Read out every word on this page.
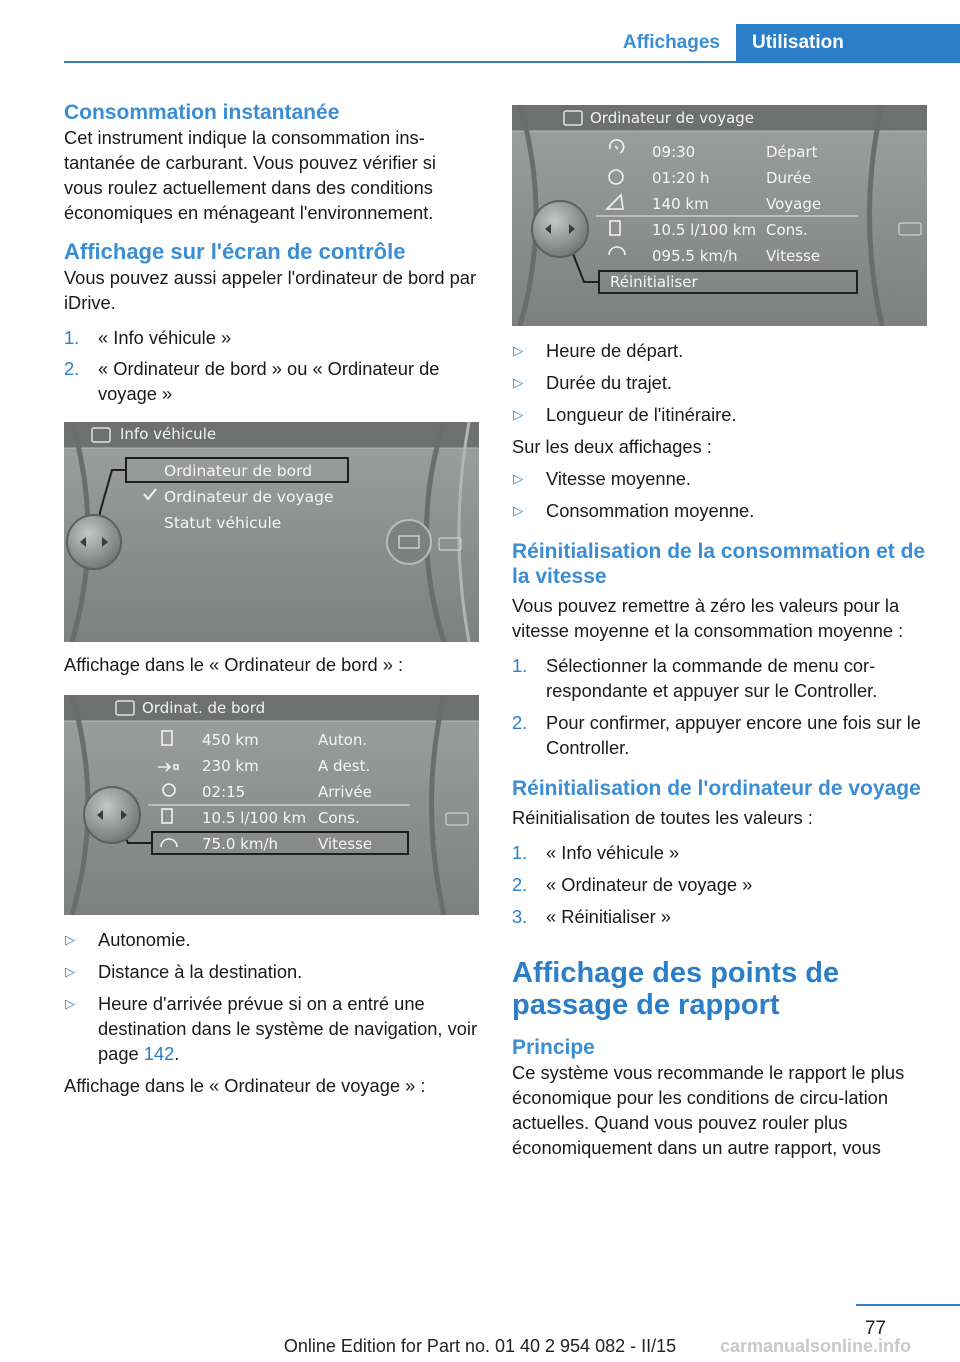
Affichages	Utilisation
Consommation instantanée

Cet instrument indique la consommation ins-tantanée de carburant. Vous pouvez vérifier si vous roulez actuellement dans des conditions économiques en ménageant l'environnement.

Affichage sur l'écran de contrôle

Vous pouvez aussi appeler l'ordinateur de bord par iDrive.

1. « Info véhicule »
2. « Ordinateur de bord » ou « Ordinateur de voyage »
Info véhicule
Ordinateur de bord
Ordinateur de voyage
Statut véhicule

Affichage dans le « Ordinateur de bord » :

Ordinat. de bord
450 km	Auton.
230 km	A dest.
02:15	Arrivée
10.5 l/100 km Cons.
75.0 km/h	Vitesse
▷ Autonomie.
▷ Distance à la destination.
▷ Heure d'arrivée prévue si on a entré une destination dans le système de navigation, voir page 142.

Affichage dans le « Ordinateur de voyage » :

Ordinateur de voyage
09:30	Départ
01:20 h	Durée
140 km	Voyage
10.5 l/100 km Cons.
095.5 km/h Vitesse
Réinitialiser
▷ Heure de départ.
▷ Durée du trajet.
▷ Longueur de l'itinéraire.

Sur les deux affichages :

▷ Vitesse moyenne.
▷ Consommation moyenne.
Réinitialisation de la consommation et de la vitesse

Vous pouvez remettre à zéro les valeurs pour la vitesse moyenne et la consommation moyenne :

1. Sélectionner la commande de menu cor-respondante et appuyer sur le Controller.
2. Pour confirmer, appuyer encore une fois sur le Controller.
Réinitialisation de l'ordinateur de voyage

Réinitialisation de toutes les valeurs :

1. « Info véhicule »
2. « Ordinateur de voyage »
3. « Réinitialiser »
Affichage des points de passage de rapport
Principe

Ce système vous recommande le rapport le plus économique pour les conditions de circu-lation actuelles. Quand vous pouvez rouler plus économiquement dans un autre rapport, vous

77
carmanualsonline.info
Online Edition for Part no. 01 40 2 954 082 - II/15
